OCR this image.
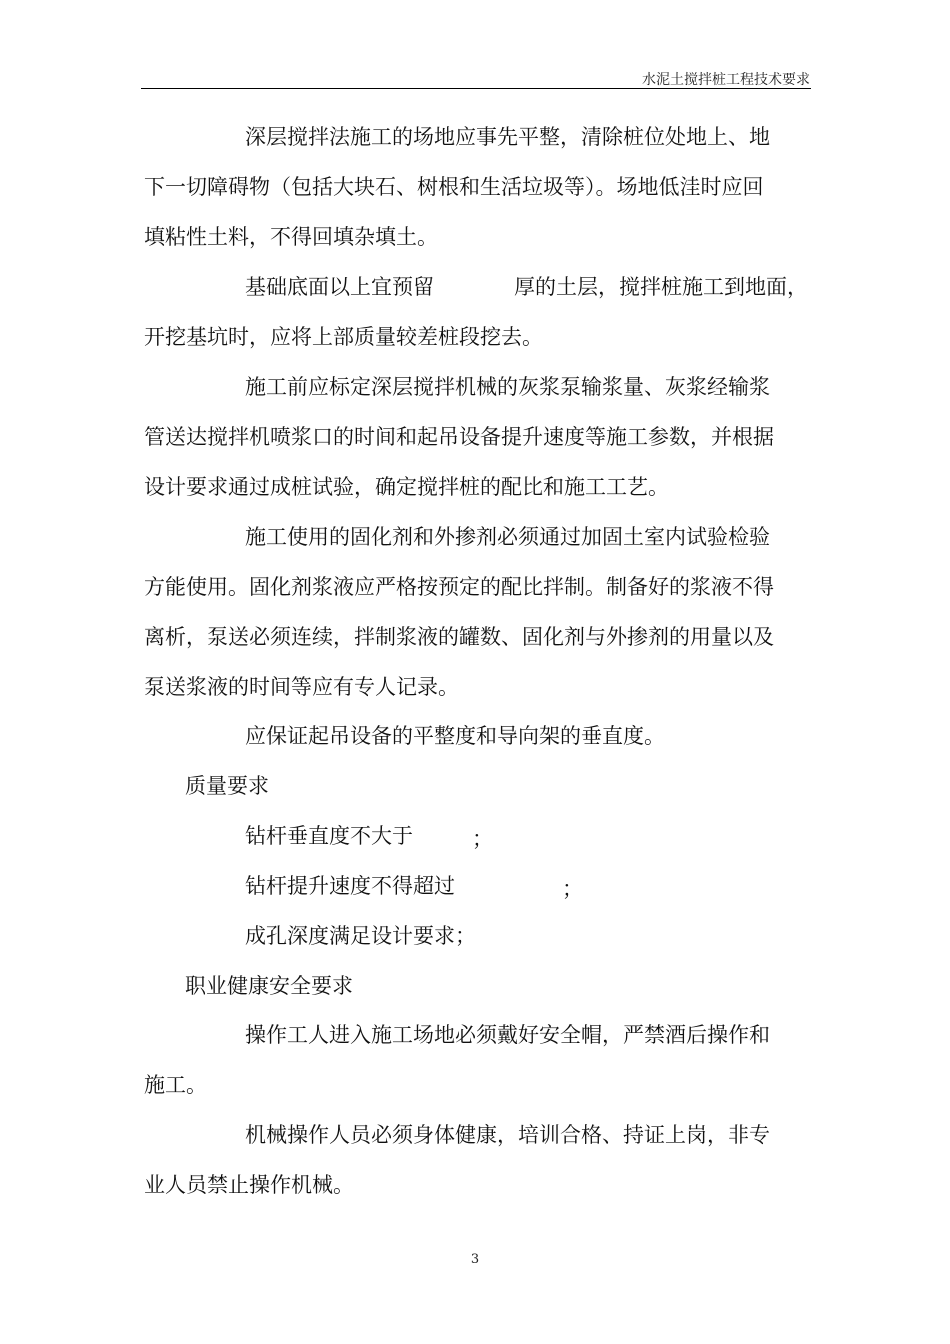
水泥土搅拌桩工程技术要求
深层搅拌法施工的场地应事先平整，清除桩位处地上、地
下一切障碍物（包括大块石、树根和生活垃圾等）。场地低洼时应回
填粘性土料，不得回填杂填土。
基础底面以上宜预留	厚的土层，搅拌桩施工到地面，
开挖基坑时，应将上部质量较差桩段挖去。
施工前应标定深层搅拌机械的灰浆泵输浆量、灰浆经输浆
管送达搅拌机喷浆口的时间和起吊设备提升速度等施工参数，并根据
设计要求通过成桩试验，确定搅拌桩的配比和施工工艺。
施工使用的固化剂和外掺剂必须通过加固土室内试验检验
方能使用。固化剂浆液应严格按预定的配比拌制。制备好的浆液不得
离析，泵送必须连续，拌制浆液的罐数、固化剂与外掺剂的用量以及
泵送浆液的时间等应有专人记录。
应保证起吊设备的平整度和导向架的垂直度。
质量要求
钻杆垂直度不大于	；
钻杆提升速度不得超过	；
成孔深度满足设计要求；
职业健康安全要求
操作工人进入施工场地必须戴好安全帽，严禁酒后操作和
施工。
机械操作人员必须身体健康，培训合格、持证上岗，非专
业人员禁止操作机械。
3
